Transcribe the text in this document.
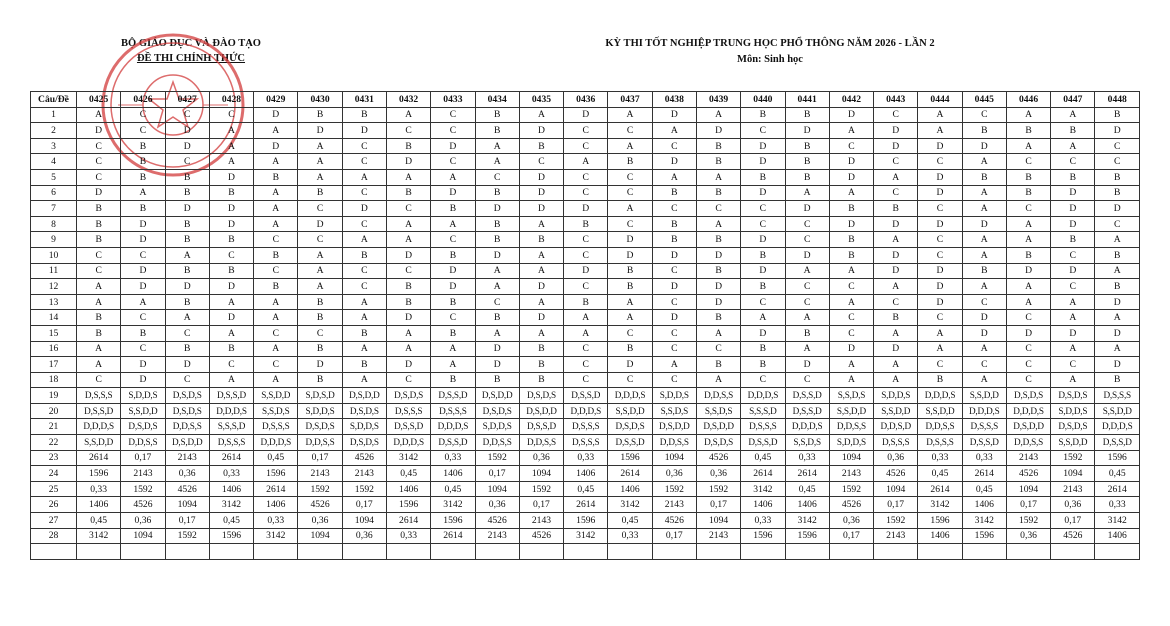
BỘ GIÁO DỤC VÀ ĐÀO TẠO
ĐỀ THI CHÍNH THỨC
KỲ THI TỐT NGHIỆP TRUNG HỌC PHỔ THÔNG NĂM 2026 - LẦN 2
Môn: Sinh học
Câu/Đề	0425	0426	0427	0428	0429	0430	0431	0432	0433	0434	0435	0436	0437	0438	0439	0440	0441	0442	0443	0444	0445	0446	0447	0448
1	A	C	C	C	D	B	B	A	C	B	A	D	A	D	A	B	B	D	C	A	C	A	A	B
2	D	C	D	A	A	D	D	C	C	B	D	C	C	A	D	C	D	A	D	A	B	B	B	D
3	C	B	D	A	D	A	C	B	D	A	B	C	A	C	B	D	B	C	D	D	D	A	A	C
4	C	B	C	A	A	A	C	D	C	A	C	A	B	D	B	D	B	D	C	C	A	C	C	C
5	C	B	B	D	B	A	A	A	A	C	D	C	C	A	A	B	B	D	A	D	B	B	B	B
6	D	A	B	B	A	B	C	B	D	B	D	C	C	B	B	D	A	A	C	D	A	B	D	B
7	B	B	D	D	A	C	D	C	B	D	D	D	A	C	C	C	D	B	B	C	A	C	D	D
8	B	D	B	D	A	D	C	A	A	B	A	B	C	B	A	C	C	D	D	D	D	A	D	C
9	B	D	B	B	C	C	A	A	C	B	B	C	D	B	B	D	C	B	A	C	A	A	B	A
10	C	C	A	C	B	A	B	D	B	D	A	C	D	D	D	B	D	B	D	C	A	B	C	B
11	C	D	B	B	C	A	C	C	D	A	A	D	B	C	B	D	A	A	D	D	B	D	D	A
12	A	D	D	D	B	A	C	B	D	A	D	C	B	D	D	B	C	C	A	D	A	A	C	B
13	A	A	B	A	A	B	A	B	B	C	A	B	A	C	D	C	C	A	C	D	C	A	A	D
14	B	C	A	D	A	B	A	D	C	B	D	A	A	D	B	A	A	C	B	C	D	C	A	A
15	B	B	C	A	C	C	B	A	B	A	A	A	C	C	A	D	B	C	A	A	D	D	D	D
16	A	C	B	B	A	B	A	A	A	D	B	C	B	C	C	B	A	D	D	A	A	C	A	A
17	A	D	D	C	C	D	B	D	A	D	B	C	D	A	B	B	D	A	A	C	C	C	C	D
18	C	D	C	A	A	B	A	C	B	B	B	C	C	C	A	C	C	A	A	B	A	C	A	B
19	D,S,S,S	S,D,D,S	D,S,D,S	D,S,S,D	S,S,D,D	S,D,S,D	D,S,D,D	D,S,D,S	D,S,S,D	D,S,D,D	D,S,D,S	D,S,S,D	D,D,D,S	S,D,D,S	D,D,S,S	D,D,D,S	D,S,S,D	S,S,D,S	S,D,D,S	D,D,D,S	S,S,D,D	D,S,D,S	D,S,D,S	D,S,S,S
20	D,S,S,D	S,S,D,D	D,S,D,S	D,D,D,S	S,S,D,S	S,D,D,S	D,S,D,S	D,S,S,S	D,S,S,S	D,S,D,S	D,S,D,D	D,D,D,S	S,S,D,D	S,S,D,S	S,S,D,S	S,S,S,D	D,S,S,D	S,S,D,D	S,S,D,D	S,S,D,D	D,D,D,S	D,D,D,S	S,D,D,S	S,S,D,D
21	D,D,D,S	D,S,D,S	D,D,S,S	S,S,S,D	D,S,S,S	D,S,D,S	S,D,D,S	D,S,S,D	D,D,D,S	S,D,D,S	D,S,S,D	D,S,S,S	D,S,D,S	D,S,D,D	D,S,D,D	D,S,S,S	D,D,D,S	D,D,S,S	D,D,S,D	D,D,S,S	D,S,S,S	D,S,D,D	D,S,D,S	D,D,D,S
22	S,S,D,D	D,D,S,S	D,S,D,D	D,S,S,S	D,D,D,S	D,D,S,S	D,S,D,S	D,D,D,S	D,S,S,D	D,D,S,S	D,D,S,S	D,S,S,S	D,S,S,D	D,D,S,S	D,S,D,S	D,S,S,D	S,S,D,S	S,D,D,S	D,S,S,S	D,S,S,S	D,S,S,D	D,D,S,S	S,S,D,D	D,S,S,D
23	2614	0,17	2143	2614	0,45	0,17	4526	3142	0,33	1592	0,36	0,33	1596	1094	4526	0,45	0,33	1094	0,36	0,33	0,33	2143	1592	1596
24	1596	2143	0,36	0,33	1596	2143	2143	0,45	1406	0,17	1094	1406	2614	0,36	0,36	2614	2614	2143	4526	0,45	2614	4526	1094	0,45
25	0,33	1592	4526	1406	2614	1592	1592	1406	0,45	1094	1592	0,45	1406	1592	1592	3142	0,45	1592	1094	2614	0,45	1094	2143	2614
26	1406	4526	1094	3142	1406	4526	0,17	1596	3142	0,36	0,17	2614	3142	2143	0,17	1406	1406	4526	0,17	3142	1406	0,17	0,36	0,33
27	0,45	0,36	0,17	0,45	0,33	0,36	1094	2614	1596	4526	2143	1596	0,45	4526	1094	0,33	3142	0,36	1592	1596	3142	1592	0,17	3142
28	3142	1094	1592	1596	3142	1094	0,36	0,33	2614	2143	4526	3142	0,33	0,17	2143	1596	1596	0,17	2143	1406	1596	0,36	4526	1406
